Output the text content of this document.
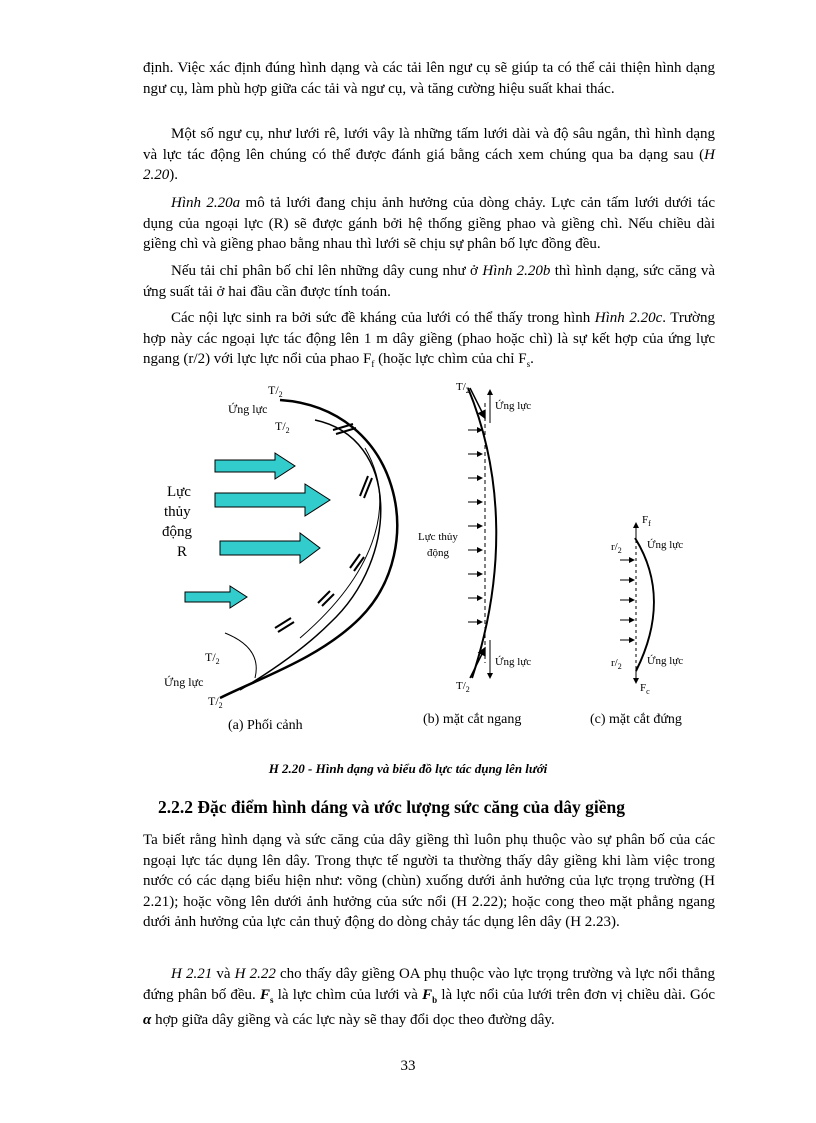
định. Việc xác định đúng hình dạng và các tải lên ngư cụ sẽ giúp ta có thể cải thiện hình dạng ngư cụ, làm phù hợp giữa các tải và ngư cụ, và tăng cường hiệu suất khai thác.

Một số ngư cụ, như lưới rê, lưới vây là những tấm lưới dài và độ sâu ngắn, thì hình dạng và lực tác động lên chúng có thể được đánh giá bằng cách xem chúng qua ba dạng sau (H 2.20).

Hình 2.20a mô tả lưới đang chịu ảnh hưởng của dòng chảy. Lực cản tấm lưới dưới tác dụng của ngoại lực (R) sẽ được gánh bởi hệ thống giềng phao và giềng chì. Nếu chiều dài giềng chì và giềng phao bằng nhau thì lưới sẽ chịu sự phân bố lực đồng đều.

Nếu tải chỉ phân bố chỉ lên những dây cung như ở Hình 2.20b thì hình dạng, sức căng và ứng suất tải ở hai đầu cần được tính toán.

Các nội lực sinh ra bởi sức đề kháng của lưới có thể thấy trong hình Hình 2.20c. Trường hợp này các ngoại lực tác động lên 1 m dây giềng (phao hoặc chì) là sự kết hợp của ứng lực ngang (r/2) với lực lực nổi của phao $F_f$ (hoặc lực chìm của chỉ $F_s$.

Lực
thủy
động
R
Ứng lực
$T/_2$
$T/_2$
$T/_2$
Ứng lực
$T/_2$
(a) Phối cảnh
$T/_2$
Ứng lực
Lực thủy
động
Ứng lực
$T/_2$
(b) mặt cắt ngang
$F_f$
$r/_2$ Ứng lực
$r/_2$ Ứng lực
$F_c$
(c) mặt cắt đứng
H 2.20 - Hình dạng và biểu đồ lực tác dụng lên lưới
2.2.2 Đặc điểm hình dáng và ước lượng sức căng của dây giềng

Ta biết rằng hình dạng và sức căng của dây giềng thì luôn phụ thuộc vào sự phân bố của các ngoại lực tác dụng lên dây. Trong thực tế người ta thường thấy dây giềng khi làm việc trong nước có các dạng biểu hiện như: võng (chùn) xuống dưới ảnh hưởng của lực trọng trường (H 2.21); hoặc võng lên dưới ảnh hưởng của sức nổi (H 2.22); hoặc cong theo mặt phẳng ngang dưới ảnh hưởng của lực cản thuỷ động do dòng chảy tác dụng lên dây (H 2.23).

H 2.21 và H 2.22 cho thấy dây giềng OA phụ thuộc vào lực trọng trường và lực nổi thẳng đứng phân bố đều. $F_s$ là lực chìm của lưới và $F_b$ là lực nổi của lưới trên đơn vị chiều dài. Góc α hợp giữa dây giềng và các lực này sẽ thay đổi dọc theo đường dây.

33
